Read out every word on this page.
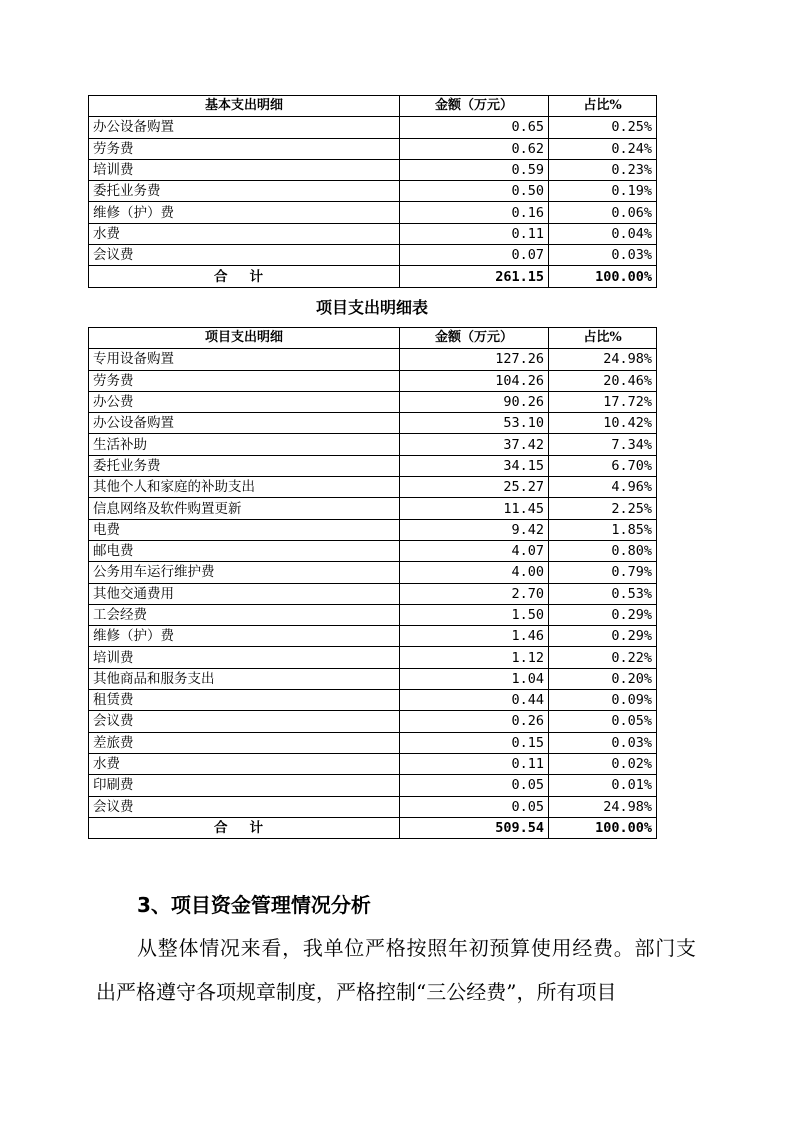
基本支出明细	金额（万元）	占比%
办公设备购置	0.65	0.25%
劳务费	0.62	0.24%
培训费	0.59	0.23%
委托业务费	0.50	0.19%
维修（护）费	0.16	0.06%
水费	0.11	0.04%
会议费	0.07	0.03%
合计	261.15	100.00%
项目支出明细表
项目支出明细	金额（万元）	占比%
专用设备购置	127.26	24.98%
劳务费	104.26	20.46%
办公费	90.26	17.72%
办公设备购置	53.10	10.42%
生活补助	37.42	7.34%
委托业务费	34.15	6.70%
其他个人和家庭的补助支出	25.27	4.96%
信息网络及软件购置更新	11.45	2.25%
电费	9.42	1.85%
邮电费	4.07	0.80%
公务用车运行维护费	4.00	0.79%
其他交通费用	2.70	0.53%
工会经费	1.50	0.29%
维修（护）费	1.46	0.29%
培训费	1.12	0.22%
其他商品和服务支出	1.04	0.20%
租赁费	0.44	0.09%
会议费	0.26	0.05%
差旅费	0.15	0.03%
水费	0.11	0.02%
印刷费	0.05	0.01%
会议费	0.05	24.98%
合计	509.54	100.00%
3、项目资金管理情况分析
从整体情况来看，我单位严格按照年初预算使用经费。部门支出严格遵守各项规章制度，严格控制“三公经费”，所有项目
